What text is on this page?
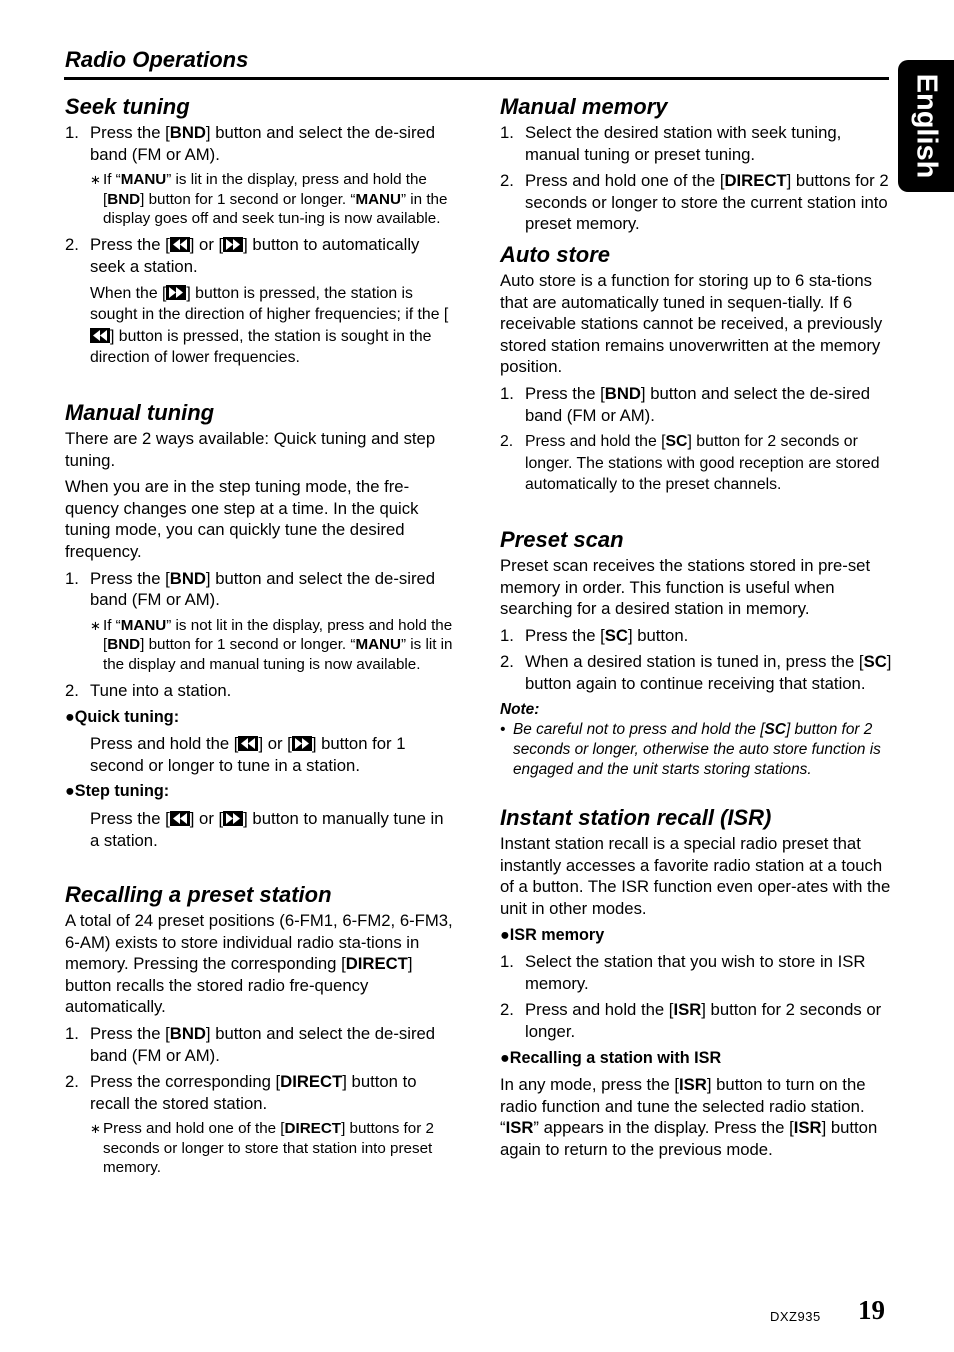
Radio Operations
English
Seek tuning
1. Press the [BND] button and select the de-sired band (FM or AM).
∗ If “MANU” is lit in the display, press and hold the [BND] button for 1 second or longer. “MANU” in the display goes off and seek tun-ing is now available.
2. Press the [ ] or [ ] button to automatically seek a station.
When the [ ] button is pressed, the station is sought in the direction of higher frequencies; if the [] button is pressed, the station is sought in the direction of lower frequencies.
Manual tuning

There are 2 ways available: Quick tuning and step tuning.

When you are in the step tuning mode, the fre-quency changes one step at a time. In the quick tuning mode, you can quickly tune the desired frequency.

1. Press the [BND] button and select the de-sired band (FM or AM).
∗ If “MANU” is not lit in the display, press and hold the [BND] button for 1 second or longer. “MANU” is lit in the display and manual tuning is now available.
2. Tune into a station.
●Quick tuning:
Press and hold the [ ] or [ ] button for 1 second or longer to tune in a station.
●Step tuning:
Press the [ ] or [ ] button to manually tune in a station.
Recalling a preset station

A total of 24 preset positions (6-FM1, 6-FM2, 6-FM3, 6-AM) exists to store individual radio sta-tions in memory. Pressing the corresponding [DIRECT] button recalls the stored radio fre-quency automatically.

1. Press the [BND] button and select the de-sired band (FM or AM).
2. Press the corresponding [DIRECT] button to recall the stored station.
∗ Press and hold one of the [DIRECT] buttons for 2 seconds or longer to store that station into preset memory.
Manual memory
1. Select the desired station with seek tuning, manual tuning or preset tuning.
2. Press and hold one of the [DIRECT] buttons for 2 seconds or longer to store the current station into preset memory.
Auto store

Auto store is a function for storing up to 6 sta-tions that are automatically tuned in sequen-tially. If 6 receivable stations cannot be received, a previously stored station remains unoverwritten at the memory position.

1. Press the [BND] button and select the de-sired band (FM or AM).
2. Press and hold the [SC] button for 2 seconds or longer. The stations with good reception are stored automatically to the preset channels.
Preset scan

Preset scan receives the stations stored in pre-set memory in order. This function is useful when searching for a desired station in memory.

1. Press the [SC] button.
2. When a desired station is tuned in, press the [SC] button again to continue receiving that station.
Note:
• Be careful not to press and hold the [SC] button for 2 seconds or longer, otherwise the auto store function is engaged and the unit starts storing stations.
Instant station recall (ISR)

Instant station recall is a special radio preset that instantly accesses a favorite radio station at a touch of a button. The ISR function even oper-ates with the unit in other modes.

●ISR memory
1. Select the station that you wish to store in ISR memory.
2. Press and hold the [ISR] button for 2 seconds or longer.
●Recalling a station with ISR

In any mode, press the [ISR] button to turn on the radio function and tune the selected radio station. “ISR” appears in the display. Press the [ISR] button again to return to the previous mode.

DXZ935 19
